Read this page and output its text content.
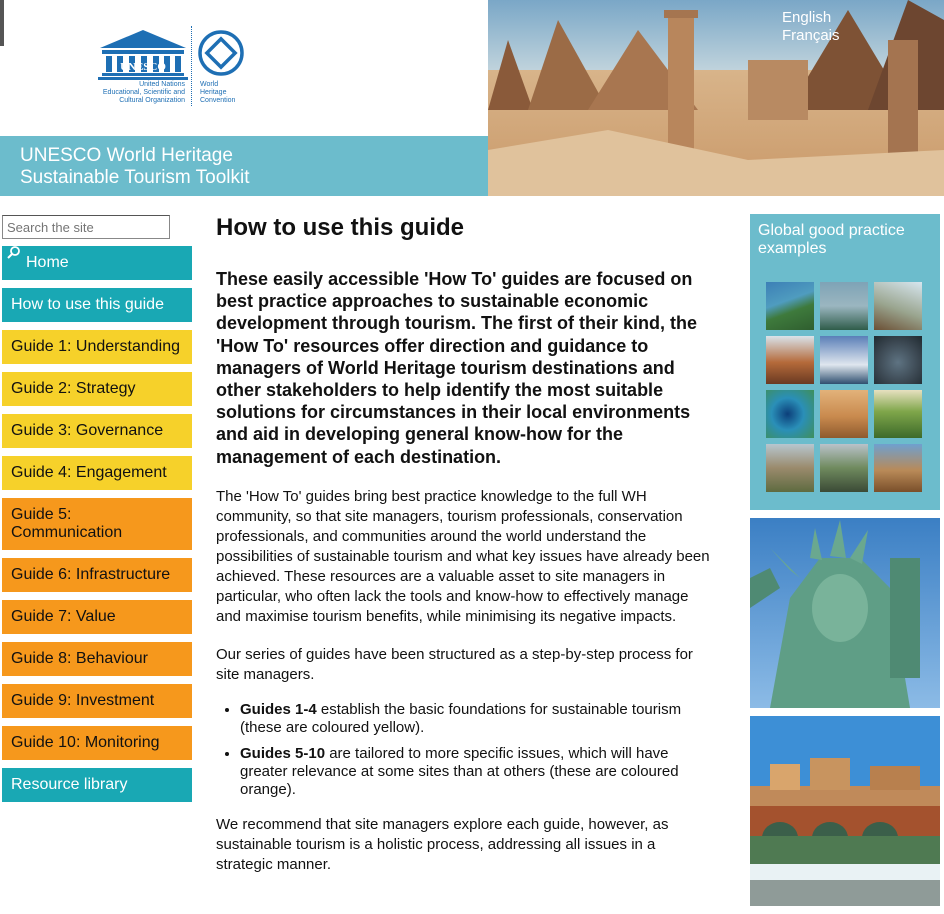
UNESCO
United Nations
Educational, Scientific and
Cultural Organization
World
Heritage
Convention
UNESCO World Heritage
Sustainable Tourism Toolkit
English
Français
Search the site
Home
How to use this guide
Guide 1: Understanding
Guide 2: Strategy
Guide 3: Governance
Guide 4: Engagement
Guide 5:
Communication
Guide 6: Infrastructure
Guide 7: Value
Guide 8: Behaviour
Guide 9: Investment
Guide 10: Monitoring
Resource library
How to use this guide

These easily accessible 'How To' guides are focused on best practice approaches to sustainable economic development through tourism. The first of their kind, the 'How To' resources offer direction and guidance to managers of World Heritage tourism destinations and other stakeholders to help identify the most suitable solutions for circumstances in their local environments and aid in developing general know-how for the management of each destination.

The 'How To' guides bring best practice knowledge to the full WH community, so that site managers, tourism professionals, conservation professionals, and communities around the world understand the possibilities of sustainable tourism and what key issues have already been achieved. These resources are a valuable asset to site managers in particular, who often lack the tools and know-how to effectively manage and maximise tourism benefits, while minimising its negative impacts.

Our series of guides have been structured as a step-by-step process for site managers.

• Guides 1-4 establish the basic foundations for sustainable tourism (these are coloured yellow).
• Guides 5-10 are tailored to more specific issues, which will have greater relevance at some sites than at others (these are coloured orange).

We recommend that site managers explore each guide, however, as sustainable tourism is a holistic process, addressing all issues in a strategic manner.

Global good practice examples
